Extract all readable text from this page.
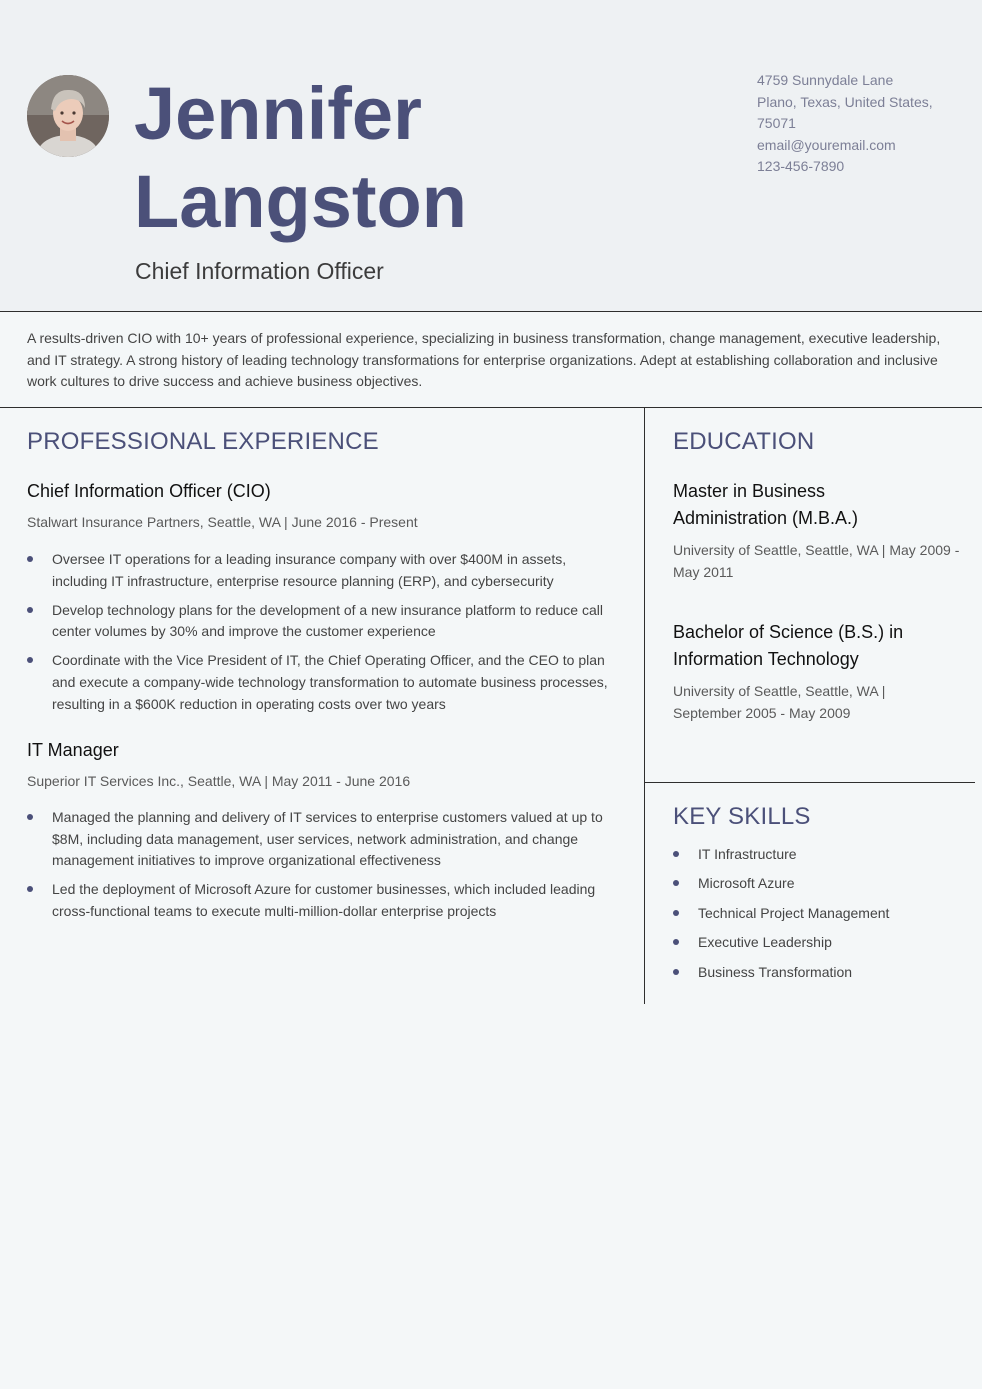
Jennifer
Langston
Chief Information Officer
4759 Sunnydale Lane
Plano, Texas, United States,
75071
email@youremail.com
123-456-7890
A results-driven CIO with 10+ years of professional experience, specializing in business transformation, change management, executive leadership, and IT strategy. A strong history of leading technology transformations for enterprise organizations. Adept at establishing collaboration and inclusive work cultures to drive success and achieve business objectives.
PROFESSIONAL EXPERIENCE
Chief Information Officer (CIO)
Stalwart Insurance Partners, Seattle, WA | June 2016 - Present
Oversee IT operations for a leading insurance company with over $400M in assets, including IT infrastructure, enterprise resource planning (ERP), and cybersecurity
Develop technology plans for the development of a new insurance platform to reduce call center volumes by 30% and improve the customer experience
Coordinate with the Vice President of IT, the Chief Operating Officer, and the CEO to plan and execute a company-wide technology transformation to automate business processes, resulting in a $600K reduction in operating costs over two years
IT Manager
Superior IT Services Inc., Seattle, WA | May 2011 - June 2016
Managed the planning and delivery of IT services to enterprise customers valued at up to $8M, including data management, user services, network administration, and change management initiatives to improve organizational effectiveness
Led the deployment of Microsoft Azure for customer businesses, which included leading cross-functional teams to execute multi-million-dollar enterprise projects
EDUCATION
Master in Business
Administration (M.B.A.)
University of Seattle, Seattle, WA | May 2009 -
May 2011
Bachelor of Science (B.S.) in
Information Technology
University of Seattle, Seattle, WA |
September 2005 - May 2009
KEY SKILLS
IT Infrastructure
Microsoft Azure
Technical Project Management
Executive Leadership
Business Transformation
